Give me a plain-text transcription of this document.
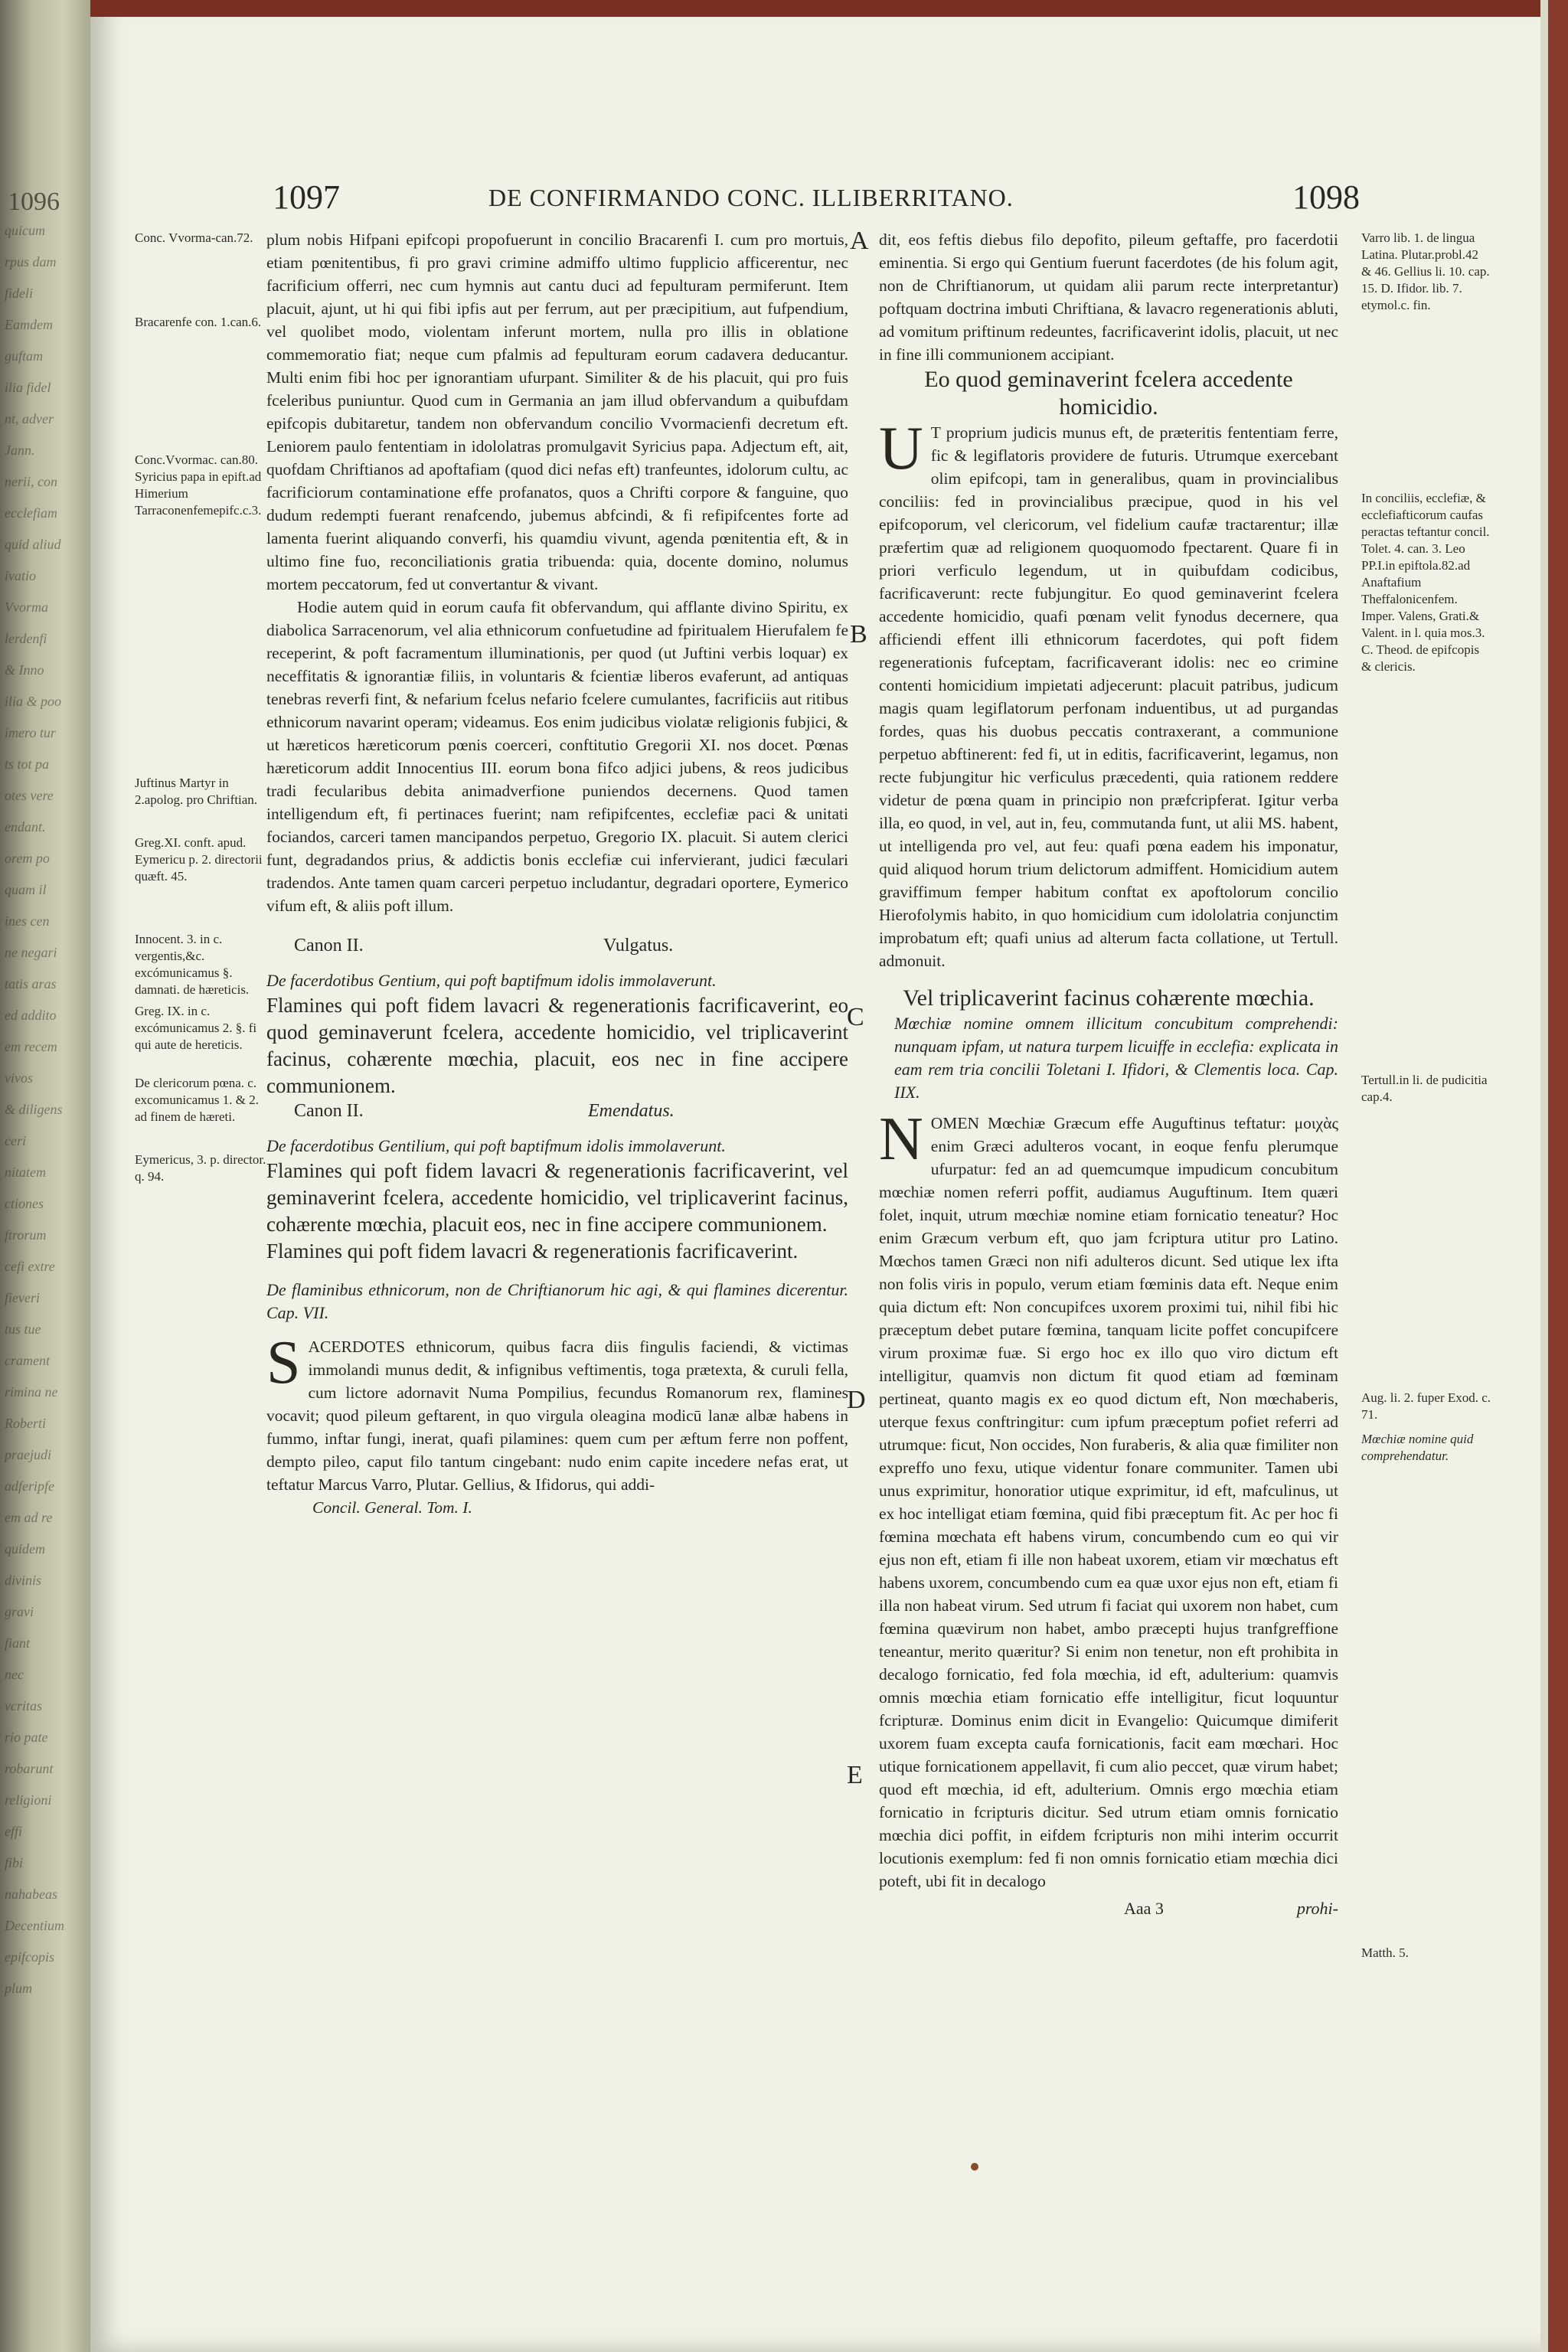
1096
quicum
rpus dam
fideli
Eamdem
guftam
ilia fidel
nt, adver
Jann.
nerii, con
ecclefiam
quid aliud
ivatio
Vvorma
lerdenfi
& Inno
ilia & poo
imero tur
ts tot pa
otes vere
endant.
orem po
quam il
ines cen
ne negari
tatis aras
ed addito
em recem
vivos
& diligens
ceri
nitatem
ctiones
ftrorum
cefi extre
fieveri
tus tue
crament
rimina ne
Roberti
praejudi
adferipfe
em ad re
quidem
divinis
gravi
fiant
nec
vcritas
rio pate
robarunt
religioni
effi
fibi
nahabeas
Decentium
epifcopis
plum
1097	DE CONFIRMANDO CONC. ILLIBERRITANO.	1098
Conc. Vvorma-can.72.
Bracarenfe con. 1.can.6.
Conc.Vvormac. can.80. Syricius papa in epift.ad Himerium Tarraconenfemepifc.c.3.
Juftinus Martyr in 2.apolog. pro Chriftian.
Greg.XI. conft. apud. Eymericu p. 2. directorii quæft. 45.
Innocent. 3. in c. vergentis,&c. excómunicamus §. damnati. de hæreticis.
Greg. IX. in c. excómunicamus 2. §. fi qui aute de hereticis.
De clericorum pœna. c. excomunicamus 1. & 2. ad finem de hæreti.
Eymericus, 3. p. director. q. 94.

plum nobis Hifpani epifcopi propofuerunt in concilio Bracarenfi I. cum pro mortuis, etiam pœnitentibus, fi pro gravi crimine admiffo ultimo fupplicio afficerentur, nec facrificium offerri, nec cum hymnis aut cantu duci ad fepulturam permiferunt. Item placuit, ajunt, ut hi qui fibi ipfis aut per ferrum, aut per præcipitium, aut fufpendium, vel quolibet modo, violentam inferunt mortem, nulla pro illis in oblatione commemoratio fiat; neque cum pfalmis ad fepulturam eorum cadavera deducantur. Multi enim fibi hoc per ignorantiam ufurpant. Similiter & de his placuit, qui pro fuis fceleribus puniuntur. Quod cum in Germania an jam illud obfervandum a quibufdam epifcopis dubitaretur, tandem non obfervandum concilio Vvormacienfi decretum eft. Leniorem paulo fententiam in idololatras promulgavit Syricius papa. Adjectum eft, ait, quofdam Chriftianos ad apoftafiam (quod dici nefas eft) tranfeuntes, idolorum cultu, ac facrificiorum contaminatione effe profanatos, quos a Chrifti corpore & fanguine, quo dudum redempti fuerant renafcendo, jubemus abfcindi, & fi refipifcentes forte ad lamenta fuerint aliquando converfi, his quamdiu vivunt, agenda pœnitentia eft, & in ultimo fine fuo, reconciliationis gratia tribuenda: quia, docente domino, nolumus mortem peccatorum, fed ut convertantur & vivant.

Hodie autem quid in eorum caufa fit obfervandum, qui afflante divino Spiritu, ex diabolica Sarracenorum, vel alia ethnicorum confuetudine ad fpiritualem Hierufalem fe receperint, & poft facramentum illuminationis, per quod (ut Juftini verbis loquar) ex neceffitatis & ignorantiæ filiis, in voluntaris & fcientiæ liberos evaferunt, ad antiquas tenebras reverfi fint, & nefarium fcelus nefario fcelere cumulantes, facrificiis aut ritibus ethnicorum navarint operam; videamus. Eos enim judicibus violatæ religionis fubjici, & ut hæreticos hæreticorum pœnis coerceri, conftitutio Gregorii XI. nos docet. Pœnas hæreticorum addit Innocentius III. eorum bona fifco adjici jubens, & reos judicibus tradi fecularibus debita animadverfione puniendos decernens. Quod tamen intelligendum eft, fi pertinaces fuerint; nam refipifcentes, ecclefiæ paci & unitati fociandos, carceri tamen mancipandos perpetuo, Gregorio IX. placuit. Si autem clerici funt, degradandos prius, & addictis bonis ecclefiæ cui infervierant, judici fæculari tradendos. Ante tamen quam carceri perpetuo includantur, degradari oportere, Eymerico vifum eft, & aliis poft illum.

Canon II.	Vulgatus.

De facerdotibus Gentium, qui poft baptifmum idolis immolaverunt.

Flamines qui poft fidem lavacri & regenerationis facrificaverint, eo quod geminaverunt fcelera, accedente homicidio, vel triplicaverint facinus, cohærente mœchia, placuit, eos nec in fine accipere communionem.

Canon II.	Emendatus.

De facerdotibus Gentilium, qui poft baptifmum idolis immolaverunt.

Flamines qui poft fidem lavacri & regenerationis facrificaverint, vel geminaverint fcelera, accedente homicidio, vel triplicaverint facinus, cohærente mœchia, placuit eos, nec in fine accipere communionem.

Flamines qui poft fidem lavacri & regenerationis facrificaverint.

De flaminibus ethnicorum, non de Chriftianorum hic agi, & qui flamines dicerentur. Cap. VII.

SACERDOTES ethnicorum, quibus facra diis fingulis faciendi, & victimas immolandi munus dedit, & infignibus veftimentis, toga prætexta, & curuli fella, cum lictore adornavit Numa Pompilius, fecundus Romanorum rex, flamines vocavit; quod pileum geftarent, in quo virgula oleagina modicū lanæ albæ habens in fummo, inftar fungi, inerat, quafi pilamines: quem cum per æftum ferre non poffent, dempto pileo, caput filo tantum cingebant: nudo enim capite incedere nefas erat, ut teftatur Marcus Varro, Plutar. Gellius, & Ifidorus, qui addi-

Concil. General. Tom. I.

A
B
C
D
E

dit, eos feftis diebus filo depofito, pileum geftaffe, pro facerdotii eminentia. Si ergo qui Gentium fuerunt facerdotes (de his folum agit, non de Chriftianorum, ut quidam alii parum recte interpretantur) poftquam doctrina imbuti Chriftiana, & lavacro regenerationis abluti, ad vomitum priftinum redeuntes, facrificaverint idolis, placuit, ut nec in fine illi communionem accipiant.

Eo quod geminaverint fcelera accedente homicidio.

U T proprium judicis munus eft, de præteritis fententiam ferre, fic & legiflatoris providere de futuris. Utrumque exercebant olim epifcopi, tam in generalibus, quam in provincialibus conciliis: fed in provincialibus præcipue, quod in his vel epifcoporum, vel clericorum, vel fidelium caufæ tractarentur; illæ præfertim quæ ad religionem quoquomodo fpectarent. Quare fi in priori verficulo legendum, ut in quibufdam codicibus, facrificaverunt: recte fubjungitur. Eo quod geminaverint fcelera accedente homicidio, quafi pœnam velit fynodus decernere, qua afficiendi effent illi ethnicorum facerdotes, qui poft fidem regenerationis fufceptam, facrificaverant idolis: nec eo crimine contenti homicidium impietati adjecerunt: placuit patribus, judicum magis quam legiflatorum perfonam induentibus, ut ad purgandas fordes, quas his duobus peccatis contraxerant, a communione perpetuo abftinerent: fed fi, ut in editis, facrificaverint, legamus, non recte fubjungitur hic verficulus præcedenti, quia rationem reddere videtur de pœna quam in principio non præfcripferat. Igitur verba illa, eo quod, in vel, aut in, feu, commutanda funt, ut alii MS. habent, ut intelligenda pro vel, aut feu: quafi pœna eadem his imponatur, quid aliquod horum trium delictorum admiffent. Homicidium autem graviffimum femper habitum conftat ex apoftolorum concilio Hierofolymis habito, in quo homicidium cum idololatria conjunctim improbatum eft; quafi unius ad alterum facta collatione, ut Tertull. admonuit.

Vel triplicaverint facinus cohærente mœchia.

Mœchiæ nomine omnem illicitum concubitum comprehendi: nunquam ipfam, ut natura turpem licuiffe in ecclefia: explicata in eam rem tria concilii Toletani I. Ifidori, & Clementis loca. Cap. IIX.

NOMEN Mœchiæ Græcum effe Auguftinus teftatur: μοιχὰς enim Græci adulteros vocant, in eoque fenfu plerumque ufurpatur: fed an ad quemcumque impudicum concubitum mœchiæ nomen referri poffit, audiamus Auguftinum. Item quæri folet, inquit, utrum mœchiæ nomine etiam fornicatio teneatur? Hoc enim Græcum verbum eft, quo jam fcriptura utitur pro Latino. Mœchos tamen Græci non nifi adulteros dicunt. Sed utique lex ifta non folis viris in populo, verum etiam fœminis data eft. Neque enim quia dictum eft: Non concupifces uxorem proximi tui, nihil fibi hic præceptum debet putare fœmina, tanquam licite poffet concupifcere virum proximæ fuæ. Si ergo hoc ex illo quo viro dictum eft intelligitur, quamvis non dictum fit quod etiam ad fœminam pertineat, quanto magis ex eo quod dictum eft, Non mœchaberis, uterque fexus conftringitur: cum ipfum præceptum pofiet referri ad utrumque: ficut, Non occides, Non furaberis, & alia quæ fimiliter non expreffo uno fexu, utique videntur fonare communiter. Tamen ubi unus exprimitur, honoratior utique exprimitur, id eft, mafculinus, ut ex hoc intelligat etiam fœmina, quid fibi præceptum fit. Ac per hoc fi fœmina mœchata eft habens virum, concumbendo cum eo qui vir ejus non eft, etiam fi ille non habeat uxorem, etiam vir mœchatus eft habens uxorem, concumbendo cum ea quæ uxor ejus non eft, etiam fi illa non habeat virum. Sed utrum fi faciat qui uxorem non habet, cum fœmina quævirum non habet, ambo præcepti hujus tranfgreffione teneantur, merito quæritur? Si enim non tenetur, non eft prohibita in decalogo fornicatio, fed fola mœchia, id eft, adulterium: quamvis omnis mœchia etiam fornicatio effe intelligitur, ficut loquuntur fcripturæ. Dominus enim dicit in Evangelio: Quicumque dimiferit uxorem fuam excepta caufa fornicationis, facit eam mœchari. Hoc utique fornicationem appellavit, fi cum alio peccet, quæ virum habet; quod eft mœchia, id eft, adulterium. Omnis ergo mœchia etiam fornicatio in fcripturis dicitur. Sed utrum etiam omnis fornicatio mœchia dici poffit, in eifdem fcripturis non mihi interim occurrit locutionis exemplum: fed fi non omnis fornicatio etiam mœchia dici poteft, ubi fit in decalogo

Aaa 3	prohi-
Varro lib. 1. de lingua Latina. Plutar.probl.42 & 46. Gellius li. 10. cap. 15. D. Ifidor. lib. 7. etymol.c. fin.
In conciliis, ecclefiæ, & ecclefiafticorum caufas peractas teftantur concil. Tolet. 4. can. 3. Leo PP.I.in epiftola.82.ad Anaftafium Theffalonicenfem. Imper. Valens, Grati.& Valent. in l. quia mos.3. C. Theod. de epifcopis & clericis.
Tertull.in li. de pudicitia cap.4.
Aug. li. 2. fuper Exod. c. 71.
Mœchiæ nomine quid comprehendatur.
Matth. 5.
